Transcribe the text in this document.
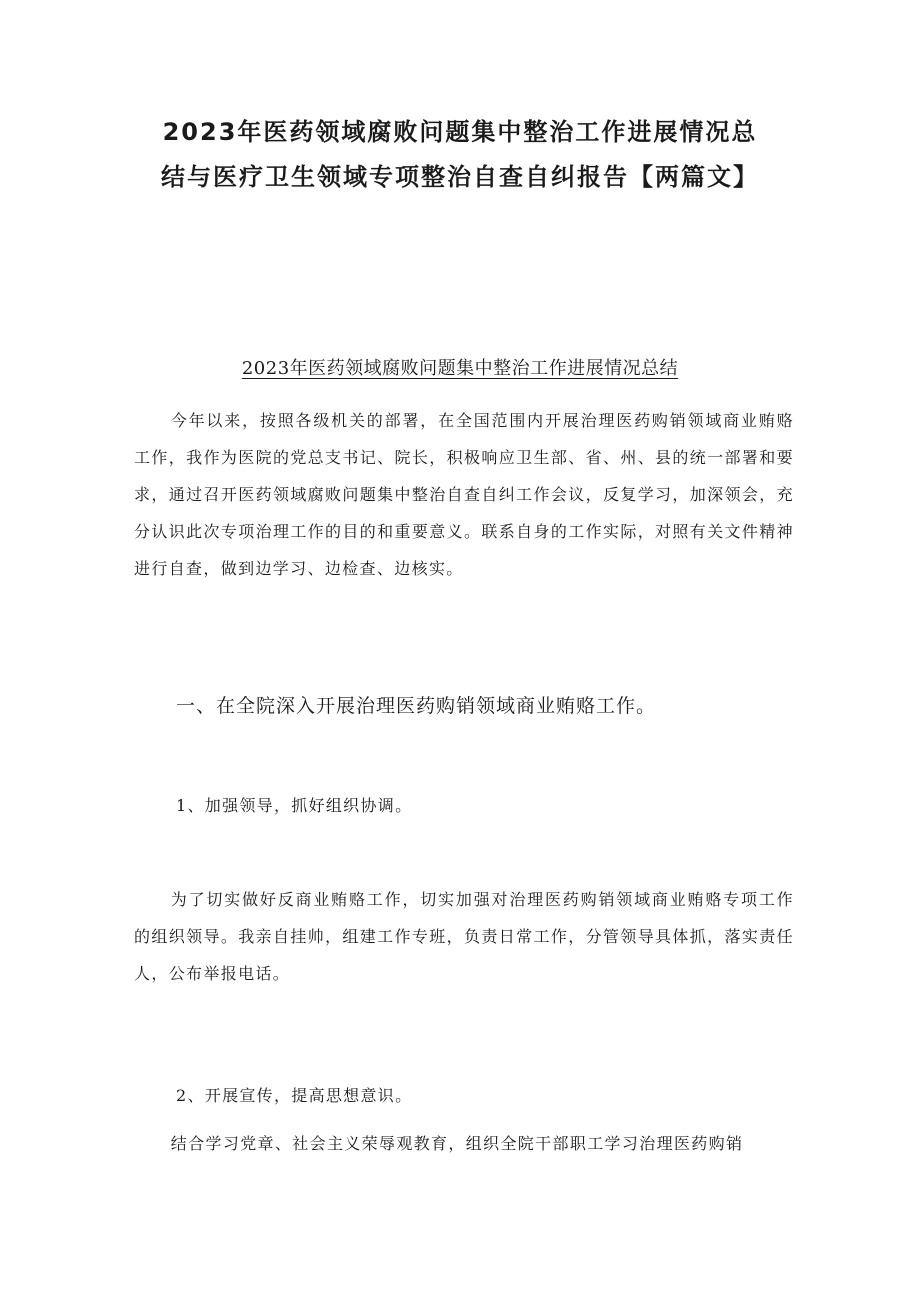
2023年医药领域腐败问题集中整治工作进展情况总
结与医疗卫生领域专项整治自查自纠报告【两篇文】
2023年医药领域腐败问题集中整治工作进展情况总结

今年以来，按照各级机关的部署，在全国范围内开展治理医药购销领域商业贿赂工作，我作为医院的党总支书记、院长，积极响应卫生部、省、州、县的统一部署和要求，通过召开医药领域腐败问题集中整治自查自纠工作会议，反复学习，加深领会，充分认识此次专项治理工作的目的和重要意义。联系自身的工作实际，对照有关文件精神进行自查，做到边学习、边检查、边核实。

一、在全院深入开展治理医药购销领域商业贿赂工作。
1、加强领导，抓好组织协调。

为了切实做好反商业贿赂工作，切实加强对治理医药购销领域商业贿赂专项工作的组织领导。我亲自挂帅，组建工作专班，负责日常工作，分管领导具体抓，落实责任人，公布举报电话。

2、开展宣传，提高思想意识。

结合学习党章、社会主义荣辱观教育，组织全院干部职工学习治理医药购销
